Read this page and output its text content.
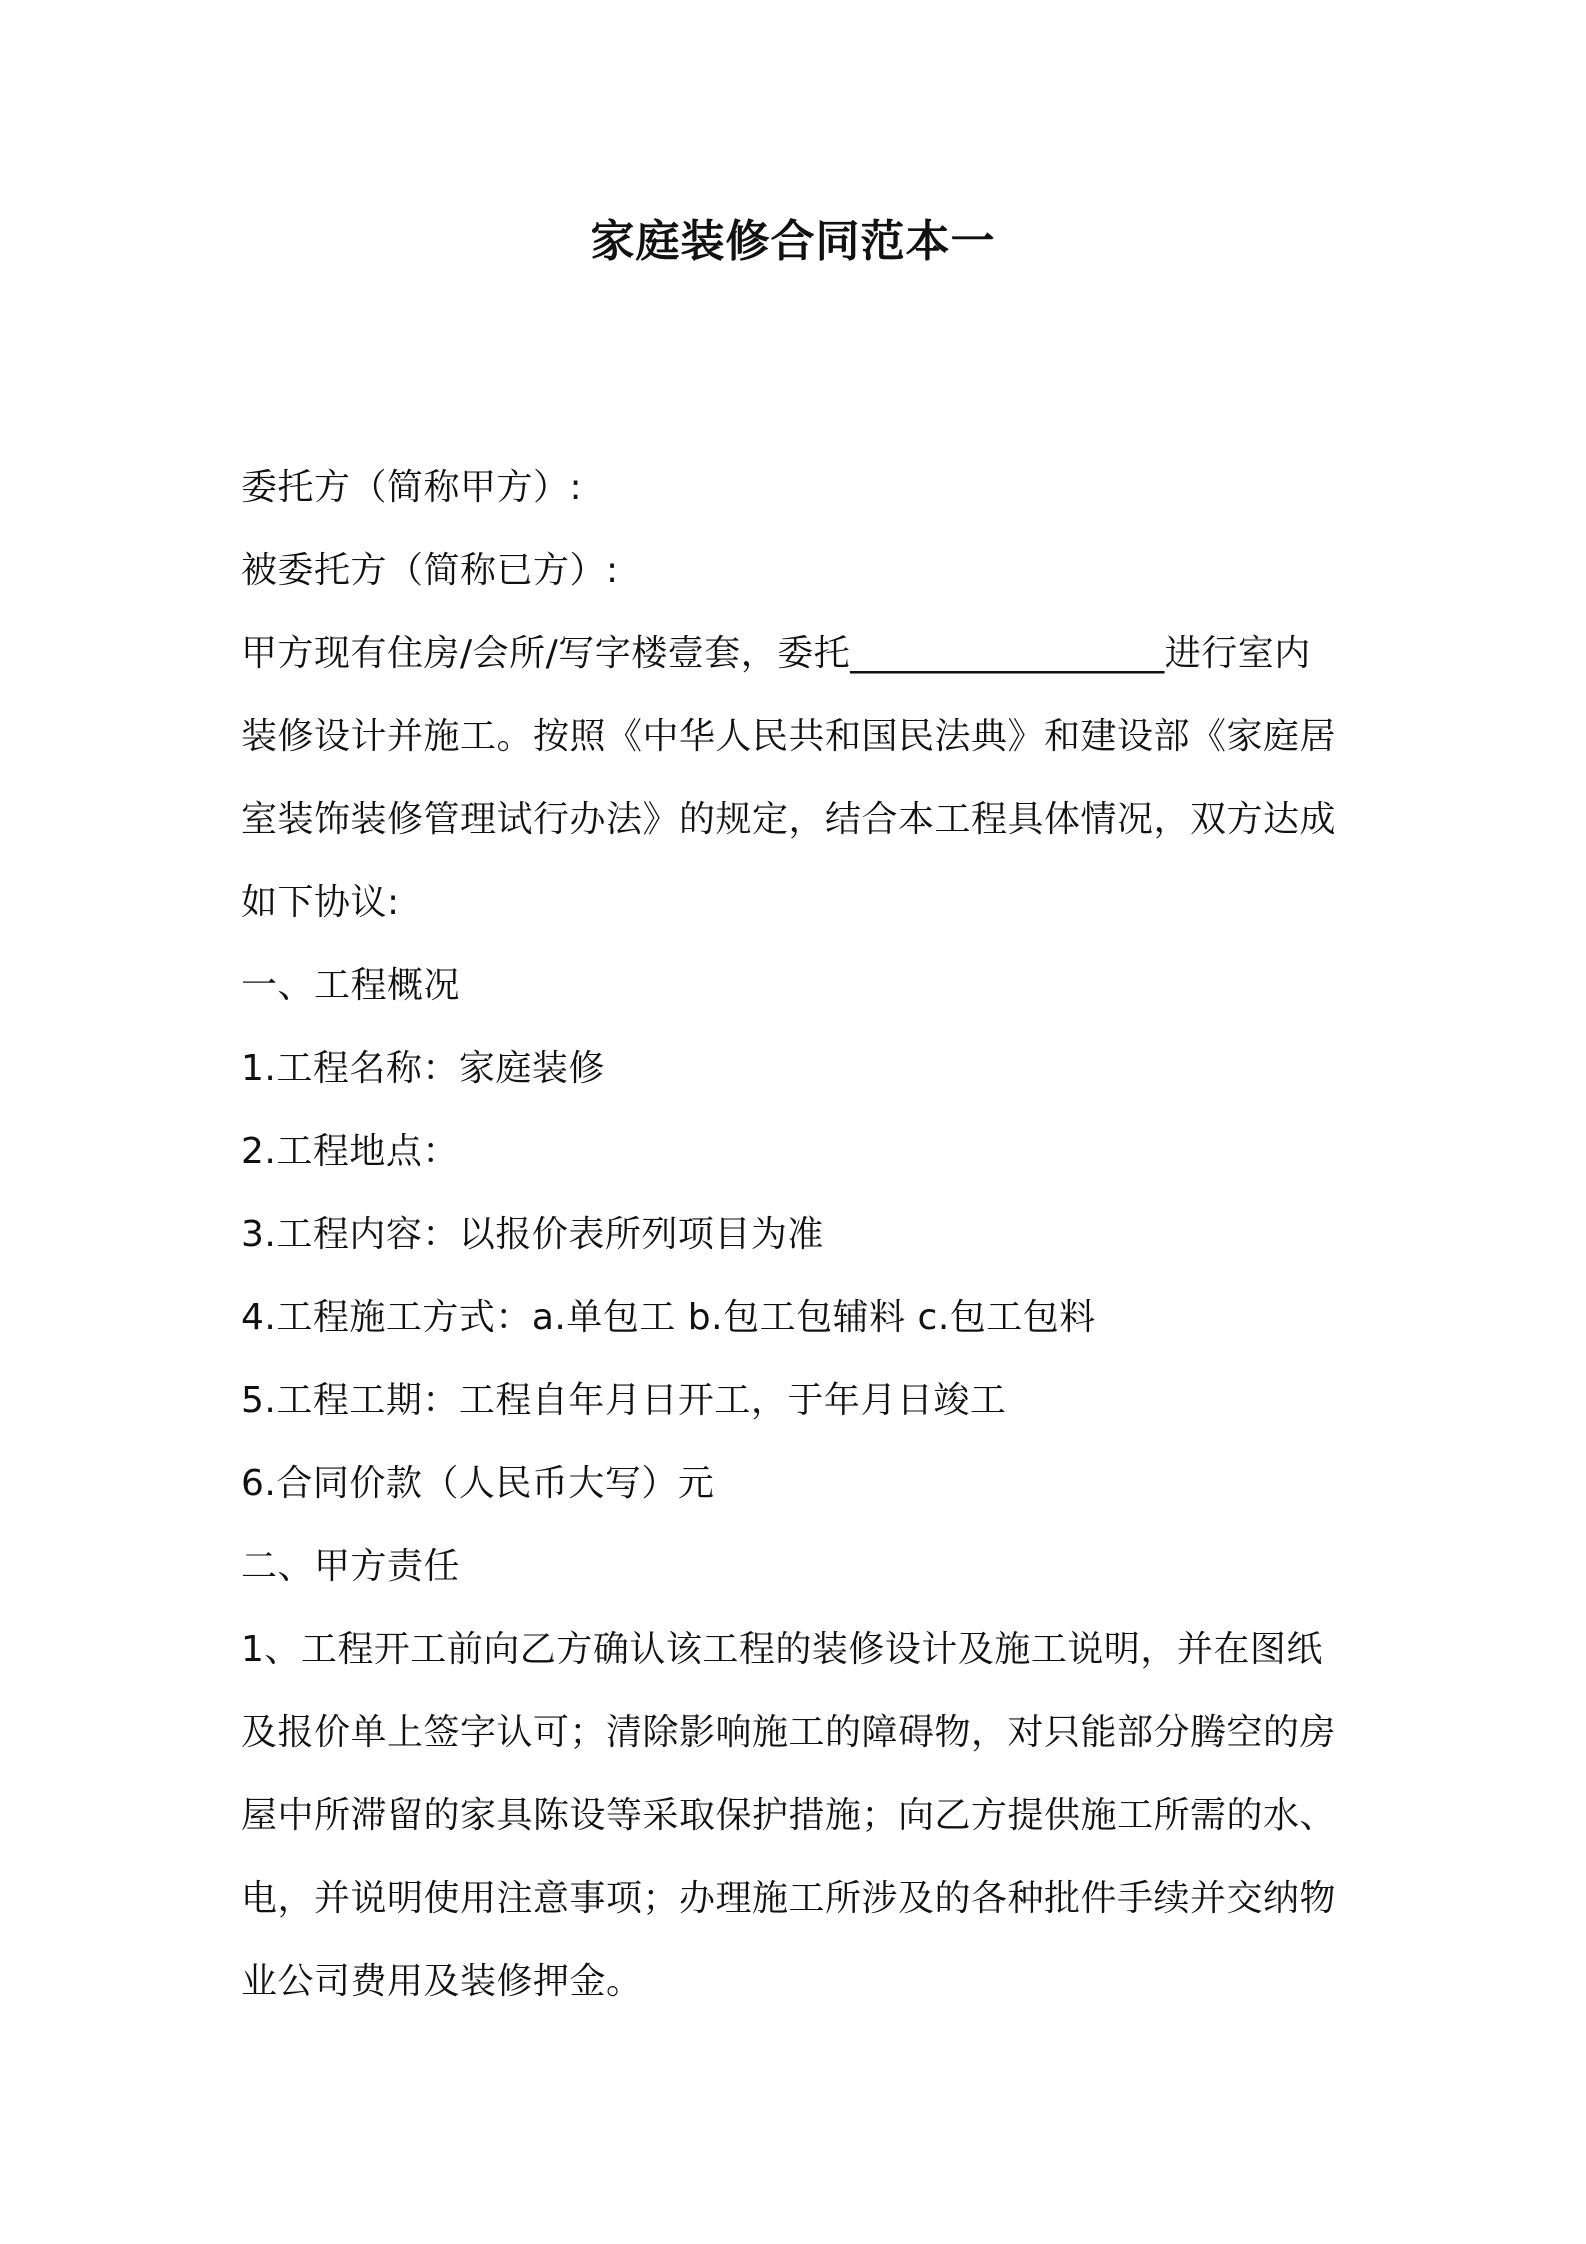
家庭装修合同范本一
委托方（简称甲方）:
被委托方（简称已方）:
甲方现有住房/会所/写字楼壹套，委托_________________进行室内
装修设计并施工。按照《中华人民共和国民法典》和建设部《家庭居
室装饰装修管理试行办法》的规定，结合本工程具体情况，双方达成
如下协议:
一、工程概况
1.工程名称：家庭装修
2.工程地点：
3.工程内容：以报价表所列项目为准
4.工程施工方式：a.单包工 b.包工包辅料 c.包工包料
5.工程工期：工程自年月日开工，于年月日竣工
6.合同价款（人民币大写）元
二、甲方责任
1、工程开工前向乙方确认该工程的装修设计及施工说明，并在图纸
及报价单上签字认可；清除影响施工的障碍物，对只能部分腾空的房
屋中所滞留的家具陈设等采取保护措施；向乙方提供施工所需的水、
电，并说明使用注意事项；办理施工所涉及的各种批件手续并交纳物
业公司费用及装修押金。
